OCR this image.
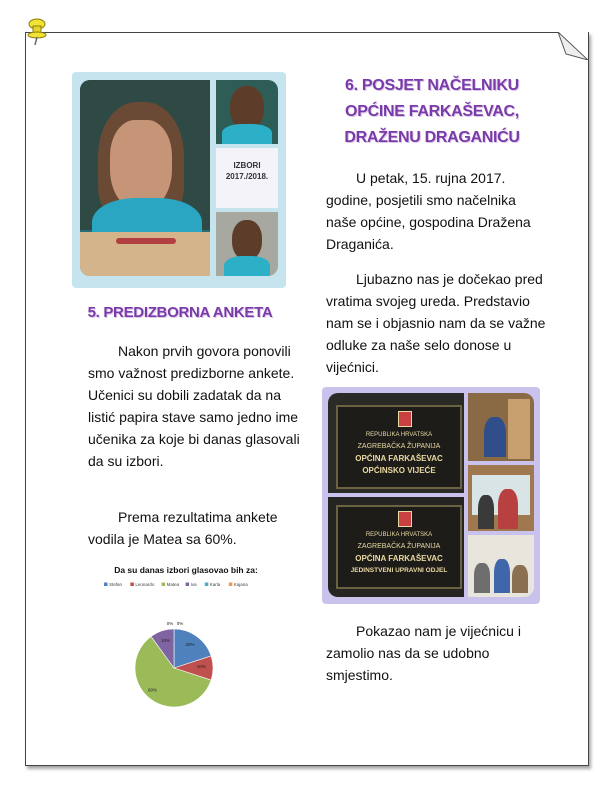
IZBORI
2017./2018.
5. PREDIZBORNA ANKETA
Nakon prvih govora ponovili smo važnost predizborne ankete. Učenici su dobili zadatak da na listić papira stave samo jedno ime učenika za koje bi danas glasovali da su izbori.
Prema rezultatima ankete vodila je Matea sa 60%.
Da su danas izbori glasovao bih za:
Stefan	Leonardo	Matea	Iva	Karla	Kajana
20%
10%
60%
10%
0% 0%
6. POSJET NAČELNIKU
OPĆINE FARKAŠEVAC,
DRAŽENU DRAGANIĆU
U petak, 15. rujna 2017. godine, posjetili smo načelnika naše općine, gospodina Dražena Draganića.
Ljubazno nas je dočekao pred vratima svojeg ureda. Predstavio nam se i objasnio nam da se važne odluke za naše selo donose u vijećnici.
REPUBLIKA HRVATSKA
ZAGREBAČKA ŽUPANIJA
OPĆINA FARKAŠEVAC
OPĆINSKO VIJEĆE
REPUBLIKA HRVATSKA
ZAGREBAČKA ŽUPANIJA
OPĆINA FARKAŠEVAC
JEDINSTVENI UPRAVNI ODJEL
Pokazao nam je vijećnicu i zamolio nas da se udobno smjestimo.
